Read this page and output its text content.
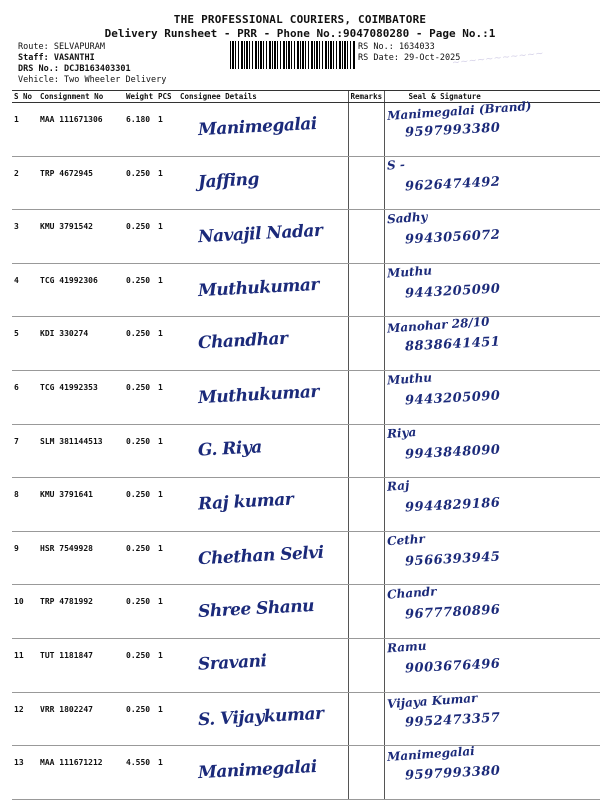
THE PROFESSIONAL COURIERS, COIMBATORE
Delivery Runsheet - PRR - Phone No.:9047080280 - Page No.:1
Route: SELVAPURAM
Staff: VASANTHI
DRS No.: DCJB163403301
Vehicle: Two Wheeler Delivery
RS No.: 1634033
RS Date: 29-Oct-2025
~~~~~~~~~~~
S No	Consignment No	Weight	PCS	Consignee Details	Remarks	Seal & Signature
1	MAA 111671306	6.180	1	Manimegalai		Manimegalai (Brand)
9597993380

2	TRP 4672945	0.250	1	Jaffing		S -
9626474492

3	KMU 3791542	0.250	1	Navajil Nadar		Sadhy
9943056072

4	TCG 41992306	0.250	1	Muthukumar		Muthu
9443205090

5	KDI 330274	0.250	1	Chandhar		Manohar 28/10
8838641451

6	TCG 41992353	0.250	1	Muthukumar		Muthu
9443205090

7	SLM 381144513	0.250	1	G. Riya		Riya
9943848090

8	KMU 3791641	0.250	1	Raj kumar		Raj
9944829186

9	HSR 7549928	0.250	1	Chethan Selvi		Cethr
9566393945

10	TRP 4781992	0.250	1	Shree Shanu		Chandr
9677780896

11	TUT 1181847	0.250	1	Sravani		Ramu
9003676496

12	VRR 1802247	0.250	1	S. Vijaykumar		Vijaya Kumar
9952473357

13	MAA 111671212	4.550	1	Manimegalai		Manimegalai
9597993380
